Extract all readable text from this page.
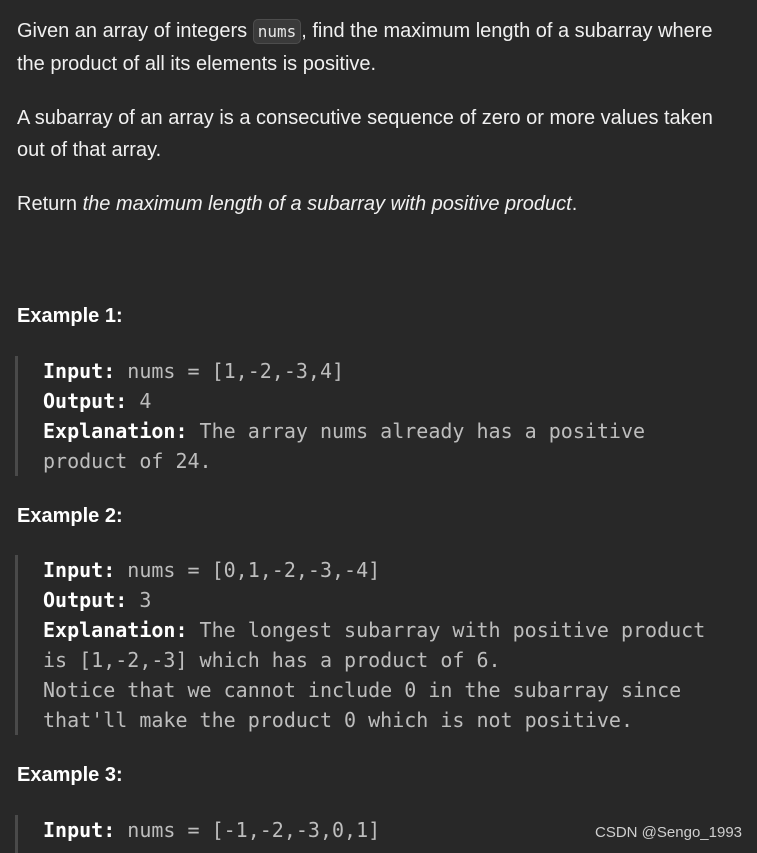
Given an array of integers nums , find the maximum length of a subarray where the product of all its elements is positive.

A subarray of an array is a consecutive sequence of zero or more values taken out of that array.

Return the maximum length of a subarray with positive product.

Example 1:
Input: nums = [1,-2,-3,4]
Output: 4
Explanation: The array nums already has a positive
product of 24.
Example 2:
Input: nums = [0,1,-2,-3,-4]
Output: 3
Explanation: The longest subarray with positive product
is [1,-2,-3] which has a product of 6.
Notice that we cannot include 0 in the subarray since
that'll make the product 0 which is not positive.
Example 3:
Input: nums = [-1,-2,-3,0,1]	CSDN @Sengo_1993
